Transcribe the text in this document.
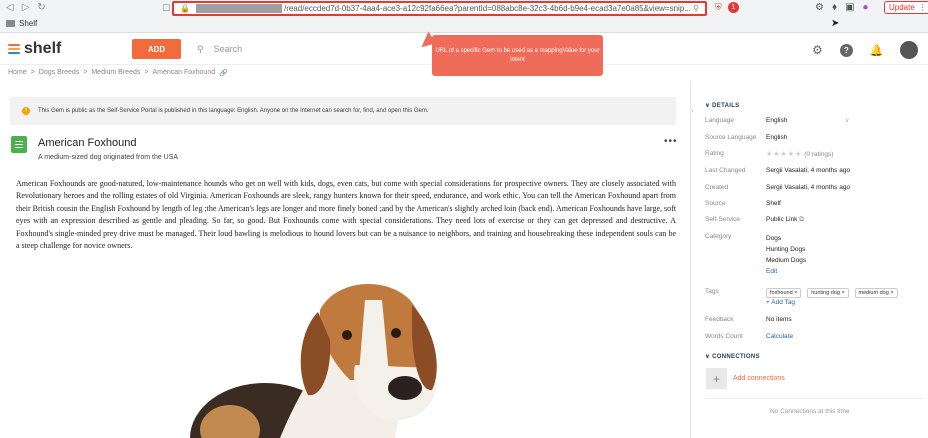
◁ ▷ ↻	☐ 🔒	/read/eccded7d-0b37-4aa4-ace3-a12c92fa66ea?parentId=088abc8e-32c3-4b6d-b9e4-ecad3a7e0a85&view=snip... ⚲ ⛨	1	⚙ ♦ ▣ ●	Update ⋮
Shelf
shelf	ADD	⚲ Search	⚙	?	🔔
➤
URL of a specific Gem to be used as a mappingValue for your intent
Home > Dogs Breeds > Medium Breeds > American Foxhound 🔗
!	This Gem is public as the Self-Service Portal is published in this language: English. Anyone on the Internet can search for, find, and open this Gem.
American Foxhound
A medium-sized dog originated from the USA
•••
American Foxhounds are good-natured, low-maintenance hounds who get on well with kids, dogs, even cats, but come with special considerations for prospective owners. They are closely associated with Revolutionary heroes and the rolling estates of old Virginia. American Foxhounds are sleek, rangy hunters known for their speed, endurance, and work ethic. You can tell the American Foxhound apart from their British cousin the English Foxhound by length of leg ;the American's legs are longer and more finely boned ;and by the American's slightly arched loin (back end). American Foxhounds have large, soft eyes with an expression described as gentle and pleading. So far, so good. But Foxhounds come with special considerations. They need lots of exercise or they can get depressed and destructive. A Foxhound's single-minded prey drive must be managed. Their loud bawling is melodious to hound lovers but can be a nuisance to neighbors, and training and housebreaking these independent souls can be a steep challenge for novice owners.
›
∨ DETAILS
Language	English	∨
Source Language	English
Rating	★★★★★ (0 ratings)
Last Changed	Sergii Vasalati, 4 months ago
Created	Sergii Vasalati, 4 months ago
Source	Shelf
Self-Service	Public Link ⧉
Category	Dogs
Hunting Dogs
Medium Dogs
Edit
Tags	foxhound ×	hunting dog ×	medium dog ×
+ Add Tag
Feedback	No items
Words Count	Calculate
∨ CONNECTIONS
+	Add connections
No Connections at this time
